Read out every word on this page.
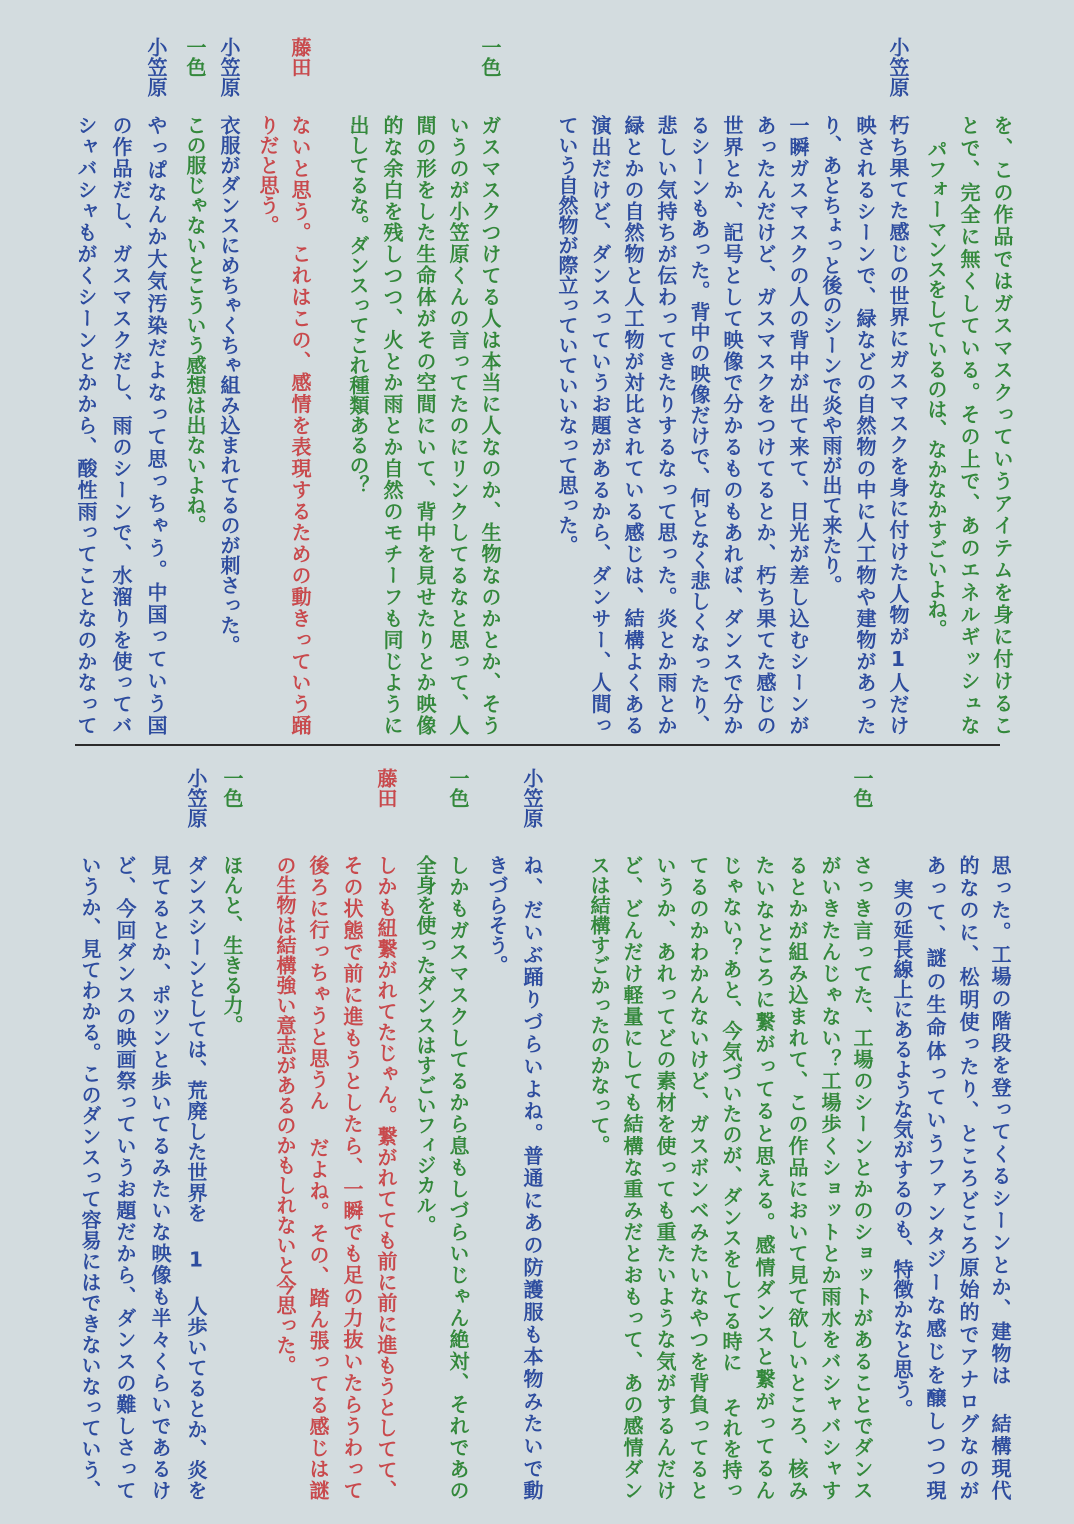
を、この作品ではガスマスクっていうアイテムを身に付けるこ
とで、完全に無くしている。その上で、あのエネルギッシュな
パフォーマンスをしているのは、なかなかすごいよね。
小笠原
朽ち果てた感じの世界にガスマスクを身に付けた人物が1人だけ
映されるシーンで、緑などの自然物の中に人工物や建物があった
り、あとちょっと後のシーンで炎や雨が出て来たり。
一瞬ガスマスクの人の背中が出て来て、日光が差し込むシーンが
あったんだけど、ガスマスクをつけてるとか、朽ち果てた感じの
世界とか、記号として映像で分かるものもあれば、ダンスで分か
るシーンもあった。背中の映像だけで、何となく悲しくなったり、
悲しい気持ちが伝わってきたりするなって思った。炎とか雨とか
緑とかの自然物と人工物が対比されている感じは、結構よくある
演出だけど、ダンスっていうお題があるから、ダンサー、人間っ
ていう自然物が際立っていていいなって思った。
一色
ガスマスクつけてる人は本当に人なのか、生物なのかとか、そう
いうのが小笠原くんの言ってたのにリンクしてるなと思って、人
間の形をした生命体がその空間にいて、背中を見せたりとか映像
的な余白を残しつつ、火とか雨とか自然のモチーフも同じように
出してるな。ダンスってこれ種類あるの？
藤田
ないと思う。これはこの、感情を表現するための動きっていう踊
りだと思う。
小笠原
衣服がダンスにめちゃくちゃ組み込まれてるのが刺さった。
一色
この服じゃないとこういう感想は出ないよね。
小笠原
やっぱなんか大気汚染だよなって思っちゃう。中国っていう国
の作品だし、ガスマスクだし、雨のシーンで、水溜りを使ってバ
シャバシャもがくシーンとかから、酸性雨ってことなのかなって
思った。工場の階段を登ってくるシーンとか、建物は 結構現代
的なのに、松明使ったり、ところどころ原始的でアナログなのが
あって、謎の生命体っていうファンタジーな感じを醸しつつ現
実の延長線上にあるような気がするのも、特徴かなと思う。
一色
さっき言ってた、工場のシーンとかのショットがあることでダンス
がいきたんじゃない？工場歩くショットとか雨水をバシャバシャす
るとかが組み込まれて、この作品において見て欲しいところ、核み
たいなところに繋がってると思える。感情ダンスと繋がってるん
じゃない？あと、今気づいたのが、ダンスをしてる時に それを持っ
てるのかわかんないけど、ガスボンベみたいなやつを背負ってると
いうか、あれってどの素材を使っても重たいような気がするんだけ
ど、どんだけ軽量にしても結構な重みだとおもって、あの感情ダン
スは結構すごかったのかなって。
小笠原
ね、だいぶ踊りづらいよね。普通にあの防護服も本物みたいで動
きづらそう。
一色
しかもガスマスクしてるから息もしづらいじゃん絶対、それであの
全身を使ったダンスはすごいフィジカル。
藤田
しかも紐繋がれてたじゃん。繋がれてても前に前に進もうとしてて、
その状態で前に進もうとしたら、一瞬でも足の力抜いたらうわって
後ろに行っちゃうと思うん だよね。その、踏ん張ってる感じは謎
の生物は結構強い意志があるのかもしれないと今思った。
一色
ほんと、生きる力。
小笠原
ダンスシーンとしては、荒廃した世界を 1 人歩いてるとか、炎を
見てるとか、ポツンと歩いてるみたいな映像も半々くらいであるけ
ど、今回ダンスの映画祭っていうお題だから、ダンスの難しさって
いうか、見てわかる。このダンスって容易にはできないなっていう、
